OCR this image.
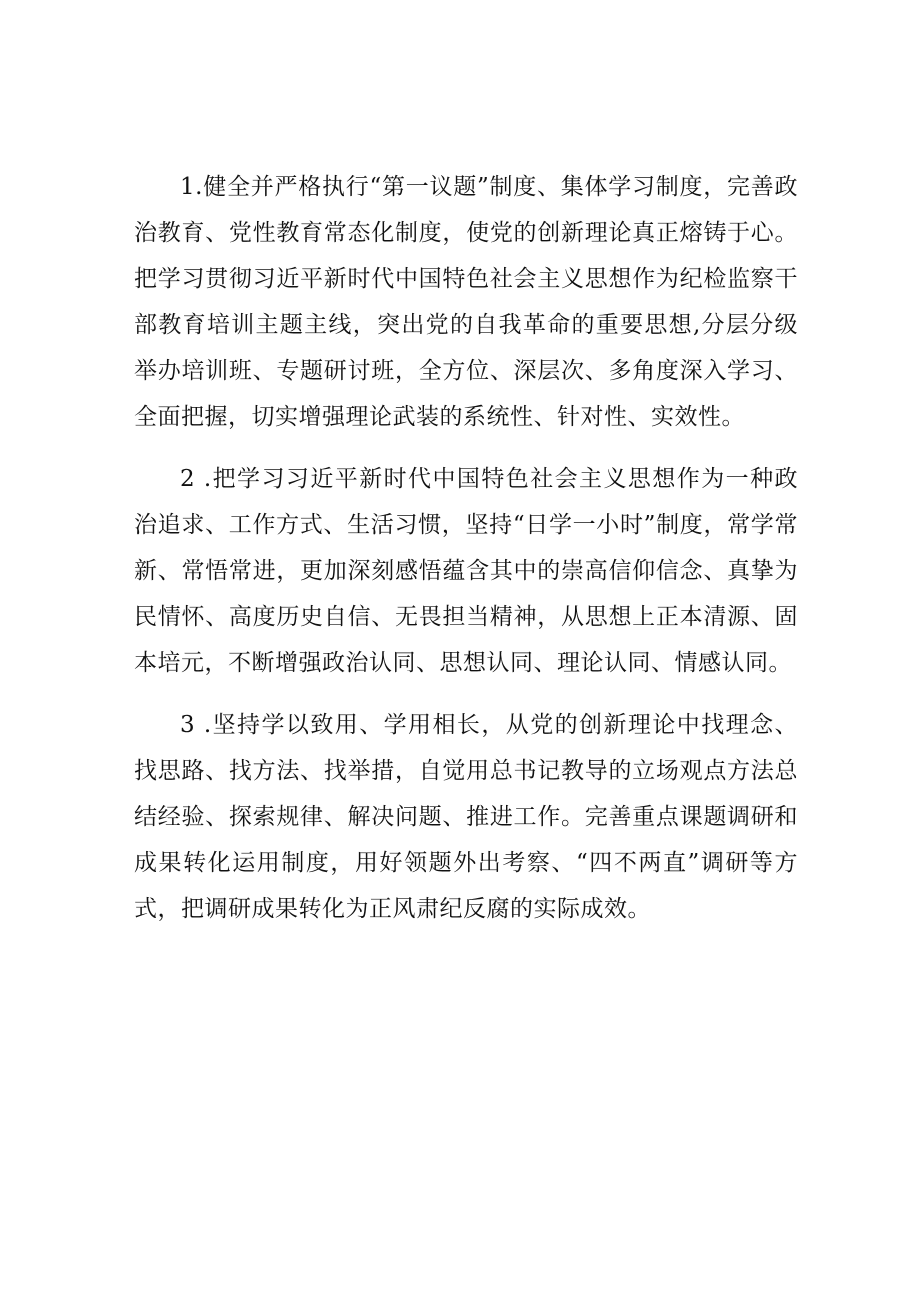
1.健全并严格执行“第一议题”制度、集体学习制度，完善政治教育、党性教育常态化制度，使党的创新理论真正熔铸于心。把学习贯彻习近平新时代中国特色社会主义思想作为纪检监察干部教育培训主题主线，突出党的自我革命的重要思想,分层分级举办培训班、专题研讨班，全方位、深层次、多角度深入学习、全面把握，切实增强理论武装的系统性、针对性、实效性。

2 .把学习习近平新时代中国特色社会主义思想作为一种政治追求、工作方式、生活习惯，坚持“日学一小时”制度，常学常新、常悟常进，更加深刻感悟蕴含其中的崇高信仰信念、真挚为民情怀、高度历史自信、无畏担当精神，从思想上正本清源、固本培元，不断增强政治认同、思想认同、理论认同、情感认同。

3 .坚持学以致用、学用相长，从党的创新理论中找理念、找思路、找方法、找举措，自觉用总书记教导的立场观点方法总结经验、探索规律、解决问题、推进工作。完善重点课题调研和成果转化运用制度，用好领题外出考察、“四不两直”调研等方式，把调研成果转化为正风肃纪反腐的实际成效。
